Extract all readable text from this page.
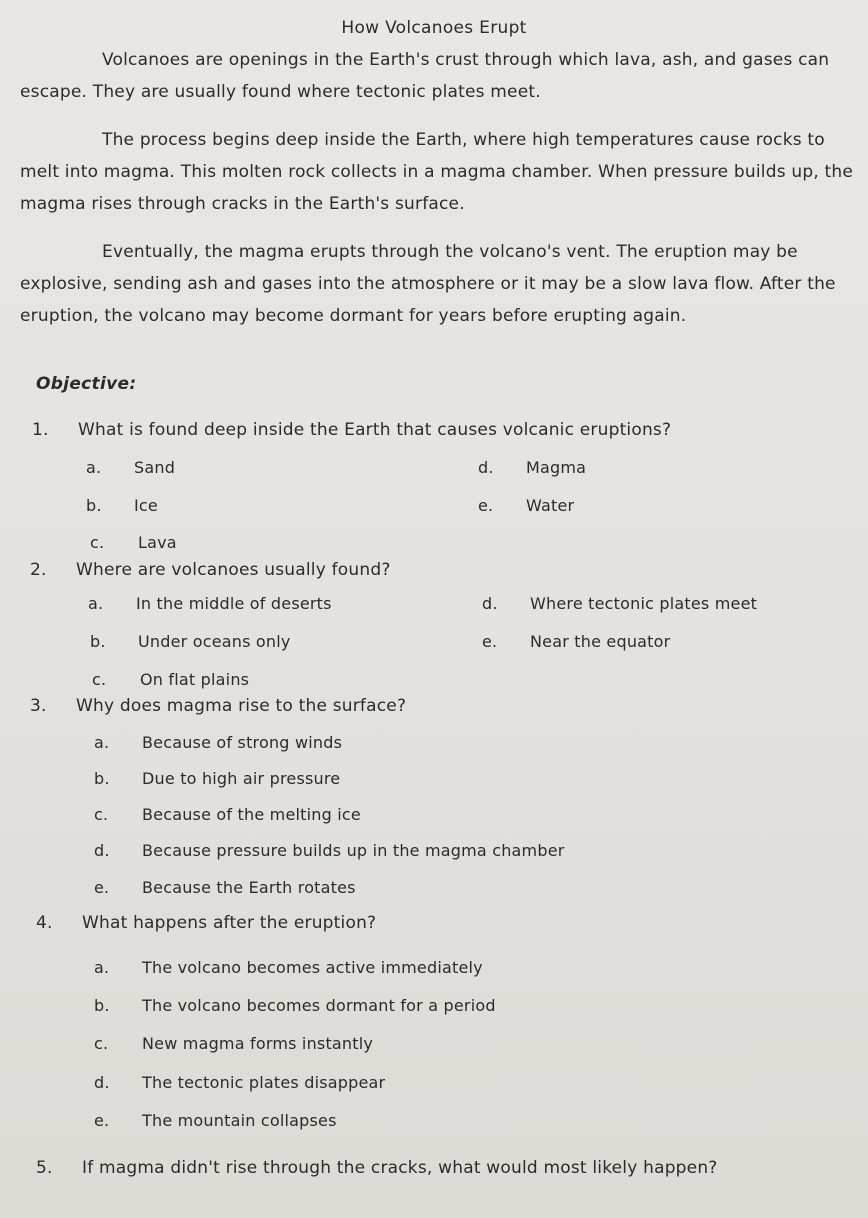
How Volcanoes Erupt

Volcanoes are openings in the Earth's crust through which lava, ash, and gases can escape. They are usually found where tectonic plates meet.

The process begins deep inside the Earth, where high temperatures cause rocks to melt into magma. This molten rock collects in a magma chamber. When pressure builds up, the magma rises through cracks in the Earth's surface.

Eventually, the magma erupts through the volcano's vent. The eruption may be explosive, sending ash and gases into the atmosphere or it may be a slow lava flow. After the eruption, the volcano may become dormant for years before erupting again.

Objective:
1. What is found deep inside the Earth that causes volcanic eruptions?
a. Sand	d. Magma
b. Ice	e. Water
c. Lava
2. Where are volcanoes usually found?
a. In the middle of deserts	d. Where tectonic plates meet
b. Under oceans only	e. Near the equator
c. On flat plains
3. Why does magma rise to the surface?
a. Because of strong winds
b. Due to high air pressure
c. Because of the melting ice
d. Because pressure builds up in the magma chamber
e. Because the Earth rotates
4. What happens after the eruption?
a. The volcano becomes active immediately
b. The volcano becomes dormant for a period
c. New magma forms instantly
d. The tectonic plates disappear
e. The mountain collapses
5. If magma didn't rise through the cracks, what would most likely happen?
